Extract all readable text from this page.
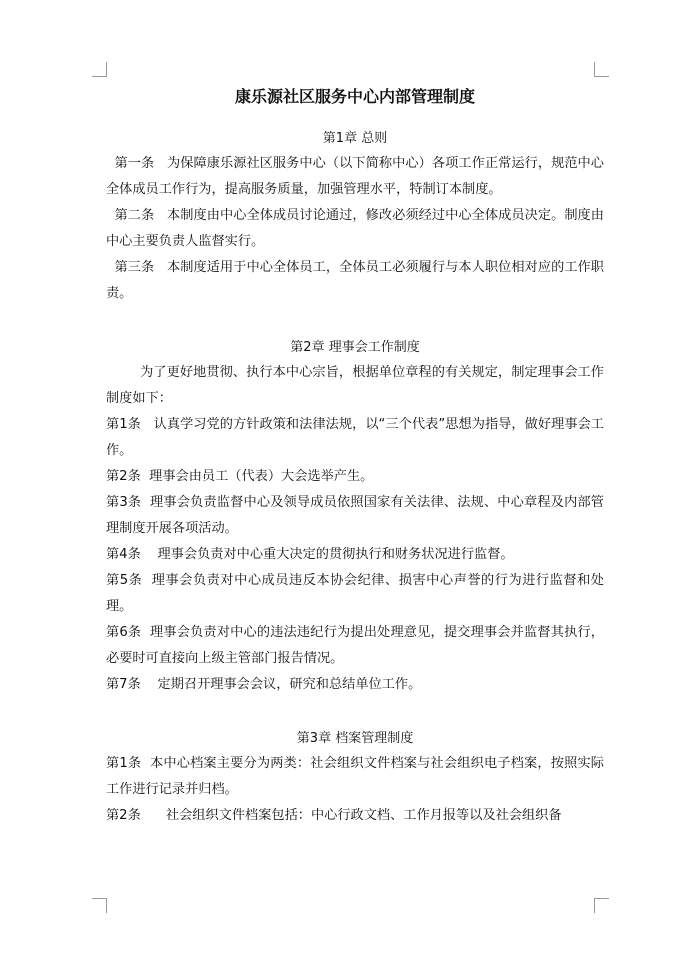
康乐源社区服务中心内部管理制度
第1章 总则

第一条   为保障康乐源社区服务中心（以下简称中心）各项工作正常运行，规范中心全体成员工作行为，提高服务质量，加强管理水平，特制订本制度。

第二条   本制度由中心全体成员讨论通过，修改必须经过中心全体成员决定。制度由中心主要负责人监督实行。

第三条   本制度适用于中心全体员工，全体员工必须履行与本人职位相对应的工作职责。

第2章 理事会工作制度

为了更好地贯彻、执行本中心宗旨，根据单位章程的有关规定，制定理事会工作制度如下：

第1条   认真学习党的方针政策和法律法规，以“三个代表”思想为指导，做好理事会工作。

第2条  理事会由员工（代表）大会选举产生。

第3条  理事会负责监督中心及领导成员依照国家有关法律、法规、中心章程及内部管理制度开展各项活动。

第4条    理事会负责对中心重大决定的贯彻执行和财务状况进行监督。

第5条  理事会负责对中心成员违反本协会纪律、损害中心声誉的行为进行监督和处理。

第6条  理事会负责对中心的违法违纪行为提出处理意见，提交理事会并监督其执行，必要时可直接向上级主管部门报告情况。

第7条    定期召开理事会会议，研究和总结单位工作。

第3章 档案管理制度

第1条  本中心档案主要分为两类：社会组织文件档案与社会组织电子档案，按照实际工作进行记录并归档。

第2条      社会组织文件档案包括：中心行政文档、工作月报等以及社会组织备
